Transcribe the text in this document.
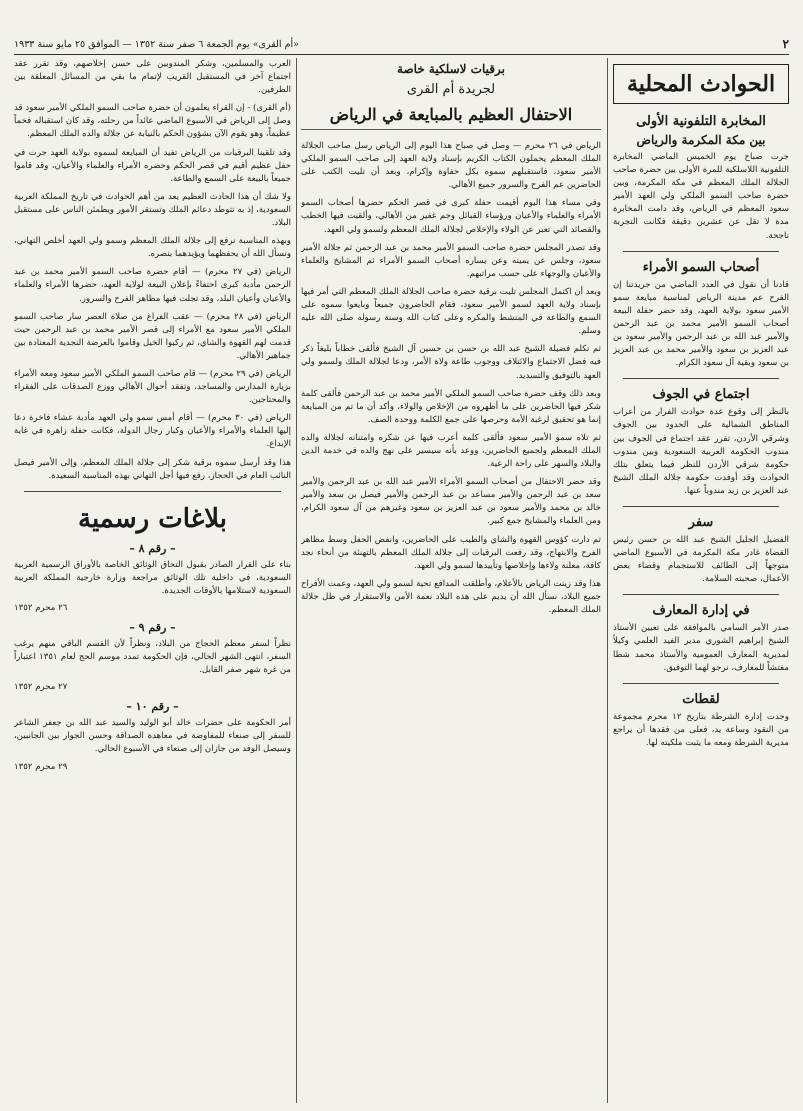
٢
«أم القرى» يوم الجمعة ٦ صفر سنة ١٣٥٢ — الموافق ٢٥ مايو سنة ١٩٣٣
الحوادث المحلية
المخابرة التلفونية الأولى
بين مكة المكرمة والرياض

جرت صباح يوم الخميس الماضي المخابرة التلفونية اللاسلكية للمرة الأولى بين حضرة صاحب الجلالة الملك المعظم في مكة المكرمة، وبين حضرة صاحب السمو الملكي ولي العهد الأمير سعود المعظم في الرياض، وقد دامت المخابرة مدة لا تقل عن عشرين دقيقة فكانت التجربة ناجحة.

أصحاب السمو الأمراء

قادنا أن نقول في العدد الماضي من جريدتنا إن الفرح عم مدينة الرياض لمناسبة مبايعة سمو الأمير سعود بولاية العهد، وقد حضر حفلة البيعة أصحاب السمو الأمير محمد بن عبد الرحمن والأمير عبد الله بن عبد الرحمن والأمير سعود بن عبد العزيز بن سعود والأمير محمد بن عبد العزيز بن سعود وبقية آل سعود الكرام.

اجتماع في الجوف

بالنظر إلى وقوع عدة حوادث الفرار من أعراب المناطق الشمالية على الحدود بين الجوف وشرقي الأردن، تقرر عقد اجتماع في الجوف بين مندوب الحكومة العربية السعودية وبين مندوب حكومة شرقي الأردن للنظر فيما يتعلق بتلك الحوادث وقد أوفدت حكومة جلالة الملك الشيخ عبد العزيز بن زيد مندوباً عنها.

سفر

الفضيل الجليل الشيخ عبد الله بن حسن رئيس القضاة غادر مكة المكرمة في الأسبوع الماضي متوجهاً إلى الطائف للاستجمام وقضاء بعض الأعمال، صحبته السلامة.

في إدارة المعارف

صدر الأمر السامي بالموافقة على تعيين الأستاذ الشيخ إبراهيم الشوري مدير الفيد العلمي وكيلاً لمديرية المعارف العمومية والأستاذ محمد شطا مفتشاً للمعارف، نرجو لهما التوفيق.

لقطات

وجدت إدارة الشرطة بتاريخ ١٢ محرم مجموعة من النقود وساعة يد، فعلى من فقدها أن يراجع مديرية الشرطة ومعه ما يثبت ملكيته لها.

برقيات لاسلكية خاصة
لجريدة أم القرى
الاحتفال العظيم بالمبايعة في الرياض

الرياض في ٢٦ محرم — وصل في صباح هذا اليوم إلى الرياض رسل صاحب الجلالة الملك المعظم يحملون الكتاب الكريم بإسناد ولاية العهد إلى صاحب السمو الملكي الأمير سعود، فاستقبلهم سموه بكل حفاوة وإكرام، وبعد أن تليت الكتب على الحاضرين عم الفرح والسرور جميع الأهالي.

وفي مساء هذا اليوم أقيمت حفلة كبرى في قصر الحكم حضرها أصحاب السمو الأمراء والعلماء والأعيان ورؤساء القبائل وجم غفير من الأهالي، وألقيت فيها الخطب والقصائد التي تعبر عن الولاء والإخلاص لجلالة الملك المعظم ولسمو ولي العهد.

وقد تصدر المجلس حضرة صاحب السمو الأمير محمد بن عبد الرحمن ثم جلالة الأمير سعود، وجلس عن يمينه وعن يساره أصحاب السمو الأمراء ثم المشايخ والعلماء والأعيان والوجهاء على حسب مراتبهم.

وبعد أن اكتمل المجلس تليت برقية حضرة صاحب الجلالة الملك المعظم التي أمر فيها بإسناد ولاية العهد لسمو الأمير سعود، فقام الحاضرون جميعاً وبايعوا سموه على السمع والطاعة في المنشط والمكره وعلى كتاب الله وسنة رسوله صلى الله عليه وسلم.

ثم تكلم فضيلة الشيخ عبد الله بن حسن بن حسين آل الشيخ فألقى خطاباً بليغاً ذكر فيه فضل الاجتماع والائتلاف ووجوب طاعة ولاة الأمر، ودعا لجلالة الملك ولسمو ولي العهد بالتوفيق والتسديد.

وبعد ذلك وقف حضرة صاحب السمو الملكي الأمير محمد بن عبد الرحمن فألقى كلمة شكر فيها الحاضرين على ما أظهروه من الإخلاص والولاء، وأكد أن ما تم من المبايعة إنما هو تحقيق لرغبة الأمة وحرصها على جمع الكلمة ووحدة الصف.

ثم تلاه سمو الأمير سعود فألقى كلمة أعرب فيها عن شكره وامتنانه لجلالة والده الملك المعظم ولجميع الحاضرين، ووعد بأنه سيسير على نهج والده في خدمة الدين والبلاد والسهر على راحة الرعية.

وقد حضر الاحتفال من أصحاب السمو الأمراء الأمير عبد الله بن عبد الرحمن والأمير سعد بن عبد الرحمن والأمير مساعد بن عبد الرحمن والأمير فيصل بن سعد والأمير خالد بن محمد والأمير سعود بن عبد العزيز بن سعود وغيرهم من آل سعود الكرام، ومن العلماء والمشايخ جمع كبير.

ثم دارت كؤوس القهوة والشاي والطيب على الحاضرين، وانفض الحفل وسط مظاهر الفرح والابتهاج، وقد رفعت البرقيات إلى جلالة الملك المعظم بالتهنئة من أنحاء نجد كافة، معلنة ولاءها وإخلاصها وتأييدها لسمو ولي العهد.

هذا وقد زينت الرياض بالأعلام، وأطلقت المدافع تحية لسمو ولي العهد، وعمت الأفراح جميع البلاد، نسأل الله أن يديم على هذه البلاد نعمة الأمن والاستقرار في ظل جلالة الملك المعظم.

العرب والمسلمين، وشكر المندوبين على حسن إخلاصهم، وقد تقرر عقد اجتماع آخر في المستقبل القريب لإتمام ما بقي من المسائل المعلقة بين الطرفين.

(أم القرى) - إن القراء يعلمون أن حضرة صاحب السمو الملكي الأمير سعود قد وصل إلى الرياض في الأسبوع الماضي عائداً من رحلته، وقد كان استقباله فخماً عظيماً، وهو يقوم الآن بشؤون الحكم بالنيابة عن جلالة والده الملك المعظم.

وقد تلقينا البرقيات من الرياض تفيد أن المبايعة لسموه بولاية العهد جرت في حفل عظيم أقيم في قصر الحكم وحضره الأمراء والعلماء والأعيان، وقد قاموا جميعاً بالبيعة على السمع والطاعة.

ولا شك أن هذا الحادث العظيم يعد من أهم الحوادث في تاريخ المملكة العربية السعودية، إذ به تتوطد دعائم الملك وتستقر الأمور ويطمئن الناس على مستقبل البلاد.

وبهذه المناسبة نرفع إلى جلالة الملك المعظم وسمو ولي العهد أخلص التهاني، ونسأل الله أن يحفظهما ويؤيدهما بنصره.

الرياض (في ٢٧ محرم) — أقام حضرة صاحب السمو الأمير محمد بن عبد الرحمن مأدبة كبرى احتفاءً بإعلان البيعة لولاية العهد، حضرها الأمراء والعلماء والأعيان وأعيان البلد، وقد تجلت فيها مظاهر الفرح والسرور.

الرياض (في ٢٨ محرم) — عقب الفراغ من صلاة العصر سار صاحب السمو الملكي الأمير سعود مع الأمراء إلى قصر الأمير محمد بن عبد الرحمن حيث قدمت لهم القهوة والشاي، ثم ركبوا الخيل وقاموا بالعرضة النجدية المعتادة بين جماهير الأهالي.

الرياض (في ٢٩ محرم) — قام صاحب السمو الملكي الأمير سعود ومعه الأمراء بزيارة المدارس والمساجد، وتفقد أحوال الأهالي ووزع الصدقات على الفقراء والمحتاجين.

الرياض (في ٣٠ محرم) — أقام أمس سمو ولي العهد مأدبة عشاء فاخرة دعا إليها العلماء والأمراء والأعيان وكبار رجال الدولة، فكانت حفلة زاهرة في غاية الإبداع.

هذا وقد أرسل سموه برقية شكر إلى جلالة الملك المعظم، وإلى الأمير فيصل النائب العام في الحجاز، رفع فيها أجل التهاني بهذه المناسبة السعيدة.

بلاغات رسمية
– رقم ٨ –

بناء على القرار الصادر بقبول التحاق الوثائق الخاصة بالأوراق الرسمية العربية السعودية، في داخلية تلك الوثائق مراجعة وزارة خارجية المملكة العربية السعودية لاستلامها بالأوقات الجديدة.

٢٦ محرم ١٣٥٢
– رقم ٩ –

نظراً لسفر معظم الحجاج من البلاد، ونظراً لأن القسم الباقي منهم يرغب السفر، انتهى الشهر الحالي، فإن الحكومة تمدد موسم الحج لعام ١٣٥١ اعتباراً من غرة شهر صفر القابل.

٢٧ محرم ١٣٥٢
– رقم ١٠ –

أمر الحكومة على حضرات خالد أبو الوليد والسيد عبد الله بن جعفر الشاعر للسفر إلى صنعاء للمفاوضة في معاهدة الصداقة وحسن الجوار بين الجانبين، وسيصل الوفد من جازان إلى صنعاء في الأسبوع الحالي.

٢٩ محرم ١٣٥٢
